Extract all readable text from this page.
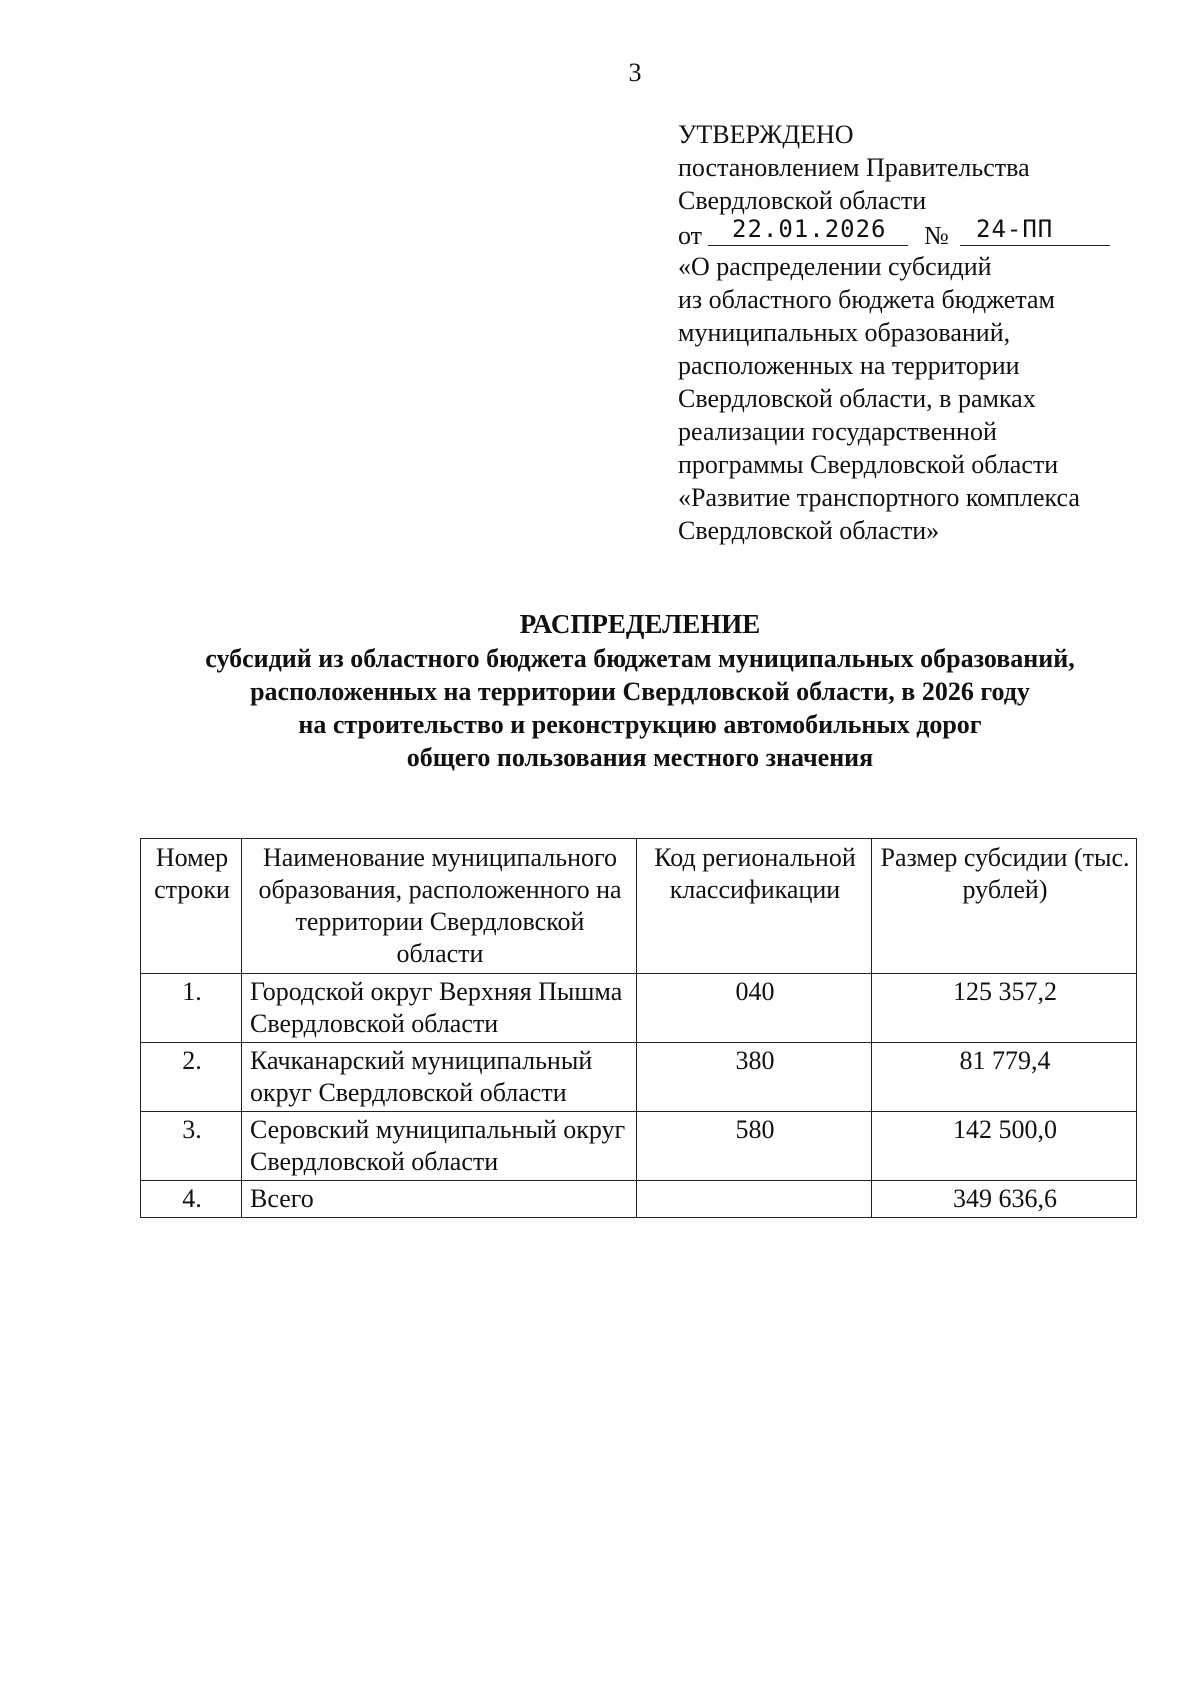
3
УТВЕРЖДЕНО
постановлением Правительства
Свердловской области
от 22.01.2026 № 24-ПП
«О распределении субсидий
из областного бюджета бюджетам
муниципальных образований,
расположенных на территории
Свердловской области, в рамках
реализации государственной
программы Свердловской области
«Развитие транспортного комплекса
Свердловской области»
РАСПРЕДЕЛЕНИЕ
субсидий из областного бюджета бюджетам муниципальных образований,
расположенных на территории Свердловской области, в 2026 году
на строительство и реконструкцию автомобильных дорог
общего пользования местного значения
Номер строки	Наименование муниципального образования, расположенного на территории Свердловской области	Код региональной классификации	Размер субсидии (тыс. рублей)
1.	Городской округ Верхняя Пышма Свердловской области	040	125 357,2
2.	Качканарский муниципальный округ Свердловской области	380	81 779,4
3.	Серовский муниципальный округ Свердловской области	580	142 500,0
4.	Всего		349 636,6
